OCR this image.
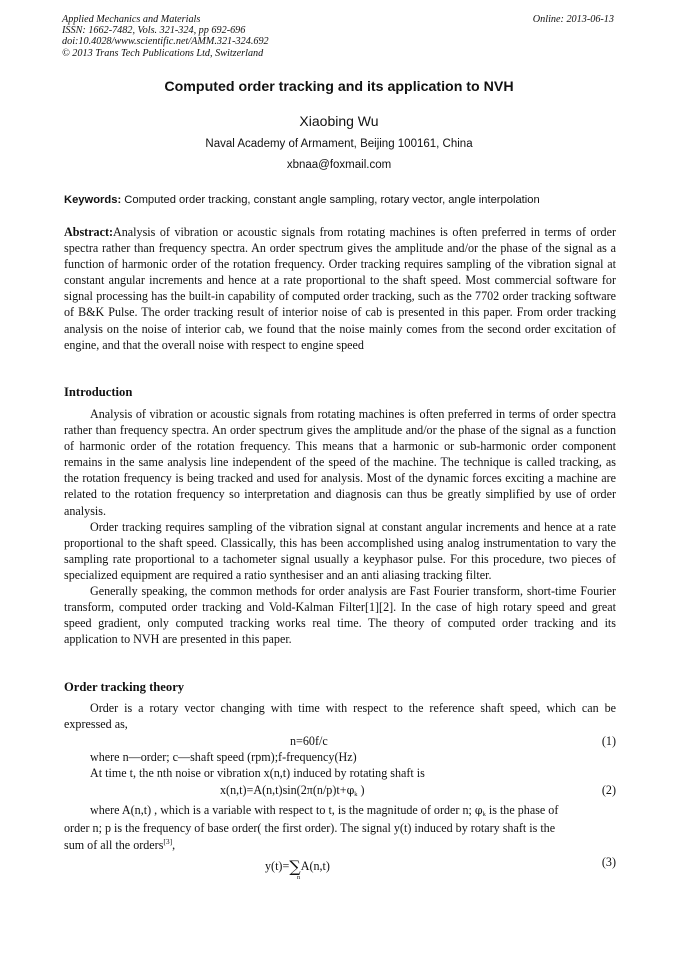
Applied Mechanics and Materials
ISSN: 1662-7482, Vols. 321-324, pp 692-696
doi:10.4028/www.scientific.net/AMM.321-324.692
© 2013 Trans Tech Publications Ltd, Switzerland
Online: 2013-06-13
Computed order tracking and its application to NVH
Xiaobing Wu
Naval Academy of Armament, Beijing 100161, China
xbnaa@foxmail.com
Keywords: Computed order tracking, constant angle sampling, rotary vector, angle interpolation

Abstract:Analysis of vibration or acoustic signals from rotating machines is often preferred in terms of order spectra rather than frequency spectra. An order spectrum gives the amplitude and/or the phase of the signal as a function of harmonic order of the rotation frequency. Order tracking requires sampling of the vibration signal at constant angular increments and hence at a rate proportional to the shaft speed. Most commercial software for signal processing has the built-in capability of computed order tracking, such as the 7702 order tracking software of B&K Pulse. The order tracking result of interior noise of cab is presented in this paper. From order tracking analysis on the noise of interior cab, we found that the noise mainly comes from the second order excitation of engine, and that the overall noise with respect to engine speed

Introduction

Analysis of vibration or acoustic signals from rotating machines is often preferred in terms of order spectra rather than frequency spectra. An order spectrum gives the amplitude and/or the phase of the signal as a function of harmonic order of the rotation frequency. This means that a harmonic or sub-harmonic order component remains in the same analysis line independent of the speed of the machine. The technique is called tracking, as the rotation frequency is being tracked and used for analysis. Most of the dynamic forces exciting a machine are related to the rotation frequency so interpretation and diagnosis can thus be greatly simplified by use of order analysis.

Order tracking requires sampling of the vibration signal at constant angular increments and hence at a rate proportional to the shaft speed. Classically, this has been accomplished using analog instrumentation to vary the sampling rate proportional to a tachometer signal usually a keyphasor pulse. For this procedure, two pieces of specialized equipment are required a ratio synthesiser and an anti aliasing tracking filter.

Generally speaking, the common methods for order analysis are Fast Fourier transform, short-time Fourier transform, computed order tracking and Vold-Kalman Filter[1][2]. In the case of high rotary speed and great speed gradient, only computed tracking works real time. The theory of computed order tracking and its application to NVH are presented in this paper.

Order tracking theory

Order is a rotary vector changing with time with respect to the reference shaft speed, which can be expressed as,

n=60f/c	(1)
where n—order; c—shaft speed (rpm);f-frequency(Hz)
At time t, the nth noise or vibration x(n,t) induced by rotating shaft is
$x(n,t)=A(n,t)\sin(2\pi(n/p)t+\varphi_k$ )	(2)
where A(n,t) , which is a variable with respect to t, is the magnitude of order n; $\varphi_k$ is the phase of
order n; p is the frequency of base order( the first order). The signal y(t) induced by rotary shaft is the
sum of all the orders[3],
y(t)=∑A(n,t)
n
(3)
